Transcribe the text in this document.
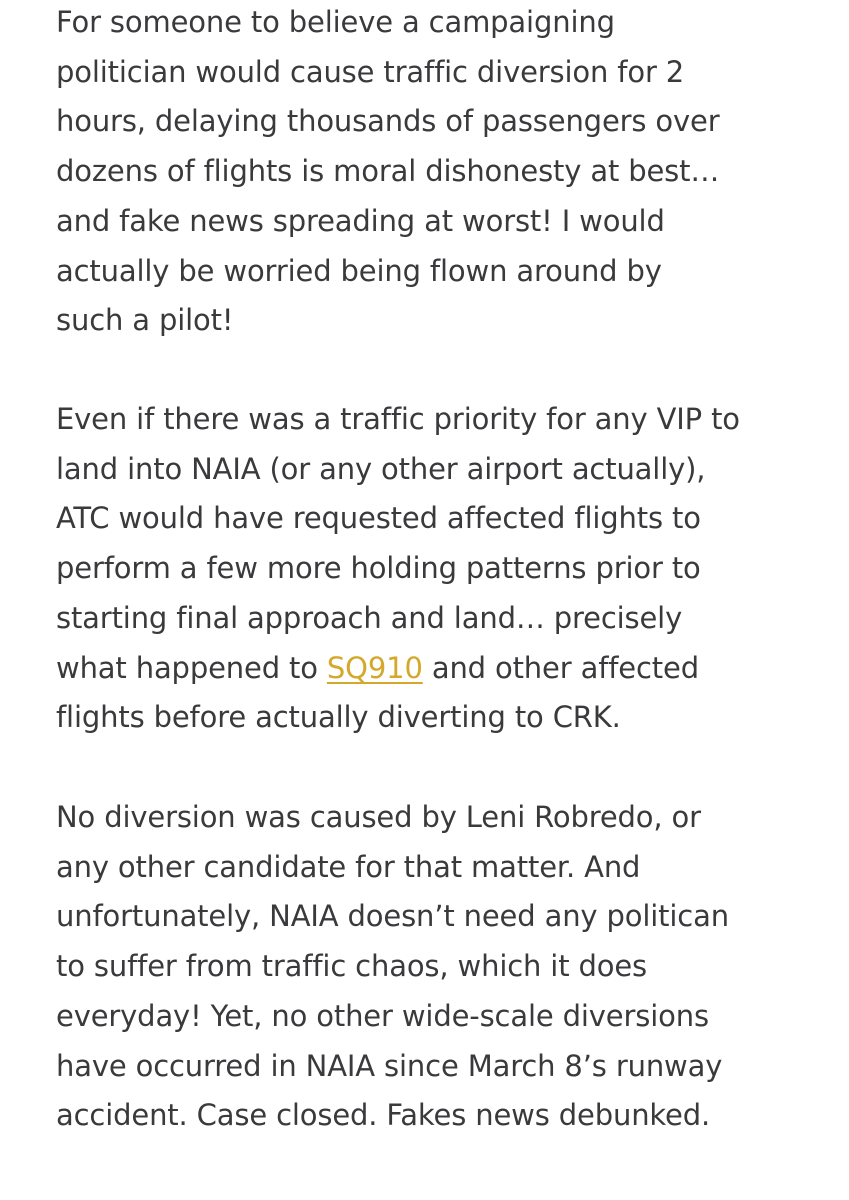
For someone to believe a campaigning
politician would cause traffic diversion for 2
hours, delaying thousands of passengers over
dozens of flights is moral dishonesty at best…
and fake news spreading at worst! I would
actually be worried being flown around by
such a pilot!

Even if there was a traffic priority for any VIP to
land into NAIA (or any other airport actually),
ATC would have requested affected flights to
perform a few more holding patterns prior to
starting final approach and land… precisely
what happened to SQ910 and other affected
flights before actually diverting to CRK.

No diversion was caused by Leni Robredo, or
any other candidate for that matter. And
unfortunately, NAIA doesn’t need any politican
to suffer from traffic chaos, which it does
everyday! Yet, no other wide-scale diversions
have occurred in NAIA since March 8’s runway
accident. Case closed. Fakes news debunked.
